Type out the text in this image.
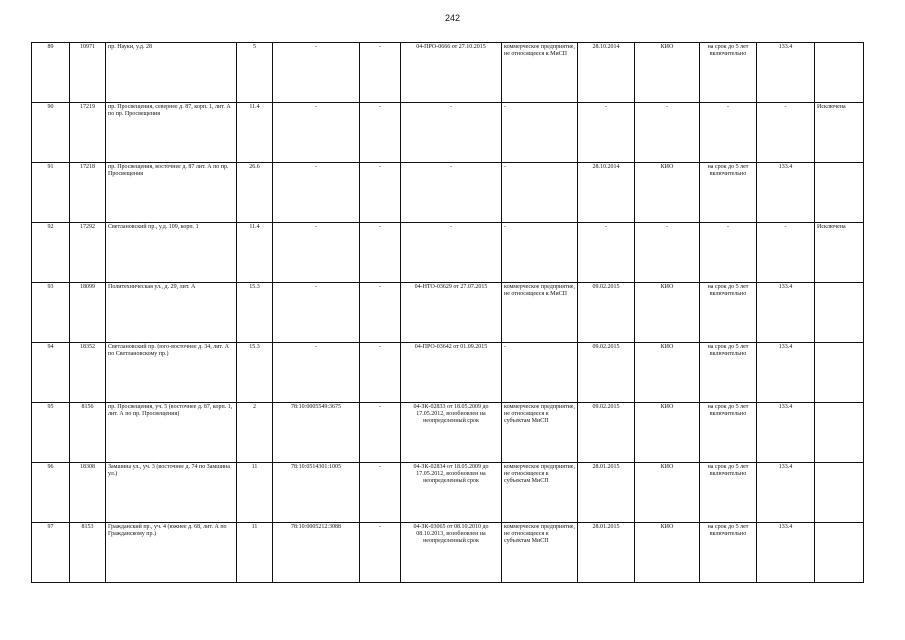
242
89	10971	пр. Науки, у.д. 28	5	-	-	04-ПРО-0666 от 27.10.2015	коммерческое предприятие, не относящееся к МиСП	28.10.2014	КИО	на срок до 5 лет включительно	133.4	
90	17219	пр. Просвещения, севернее д. 87, корп. 1, лит. А по пр. Просвещения	11.4	-	-	-	-	-	-	-	-	Исключена
91	17218	пр. Просвещения, восточнее д. 87 лит. А по пр. Просвещения	26.6	-	-	-	-	28.10.2014	КИО	на срок до 5 лет включительно	133.4	
92	17292	Светлановский пр., у.д. 109, корп. 1	11.4	-	-	-	-	-	-	-	-	Исключена
93	18099	Политехническая ул., д. 29, лит. А	15.3	-	-	04-НТО-03629 от 27.07.2015	коммерческое предприятие, не относящееся к МиСП	09.02.2015	КИО	на срок до 5 лет включительно	133.4	
94	18352	Светлановский пр. (юго-восточнее д. 34, лит. А по Светлановскому пр.)	15.3	-	-	04-ПРО-03642 от 01.09.2015	-	09.02.2015	КИО	на срок до 5 лет включительно	133.4	
95	8156	пр. Просвещения, уч. 5 (восточнее д. 87, корп. 1, лит. А по пр. Просвещения)	2	78:10:0005549:3675	-	04-ЗК-02833 от 18.05.2009 до 17.05.2012, возобновлен на неопределенный срок	коммерческое предприятие, не относящееся к субъектам МиСП	09.02.2015	КИО	на срок до 5 лет включительно	133.4	
96	18308	Замшина ул., уч. 3 (восточнее д. 74 по Замшина ул.)	11	78:10:0514301:1005	-	04-ЗК-02834 от 18.05.2009 до 17.05.2012, возобновлен на неопределенный срок	коммерческое предприятие, не относящееся к субъектам МиСП	28.01.2015	КИО	на срок до 5 лет включительно	133.4	
97	8153	Гражданский пр., уч. 4 (южнее д. 68, лит. А по Гражданскому пр.)	11	78:10:0005212:3088	-	04-ЗК-03065 от 08.10.2010 до 08.10.2013, возобновлен на неопределенный срок	коммерческое предприятие, не относящееся к субъектам МиСП	28.01.2015	КИО	на срок до 5 лет включительно	133.4	
